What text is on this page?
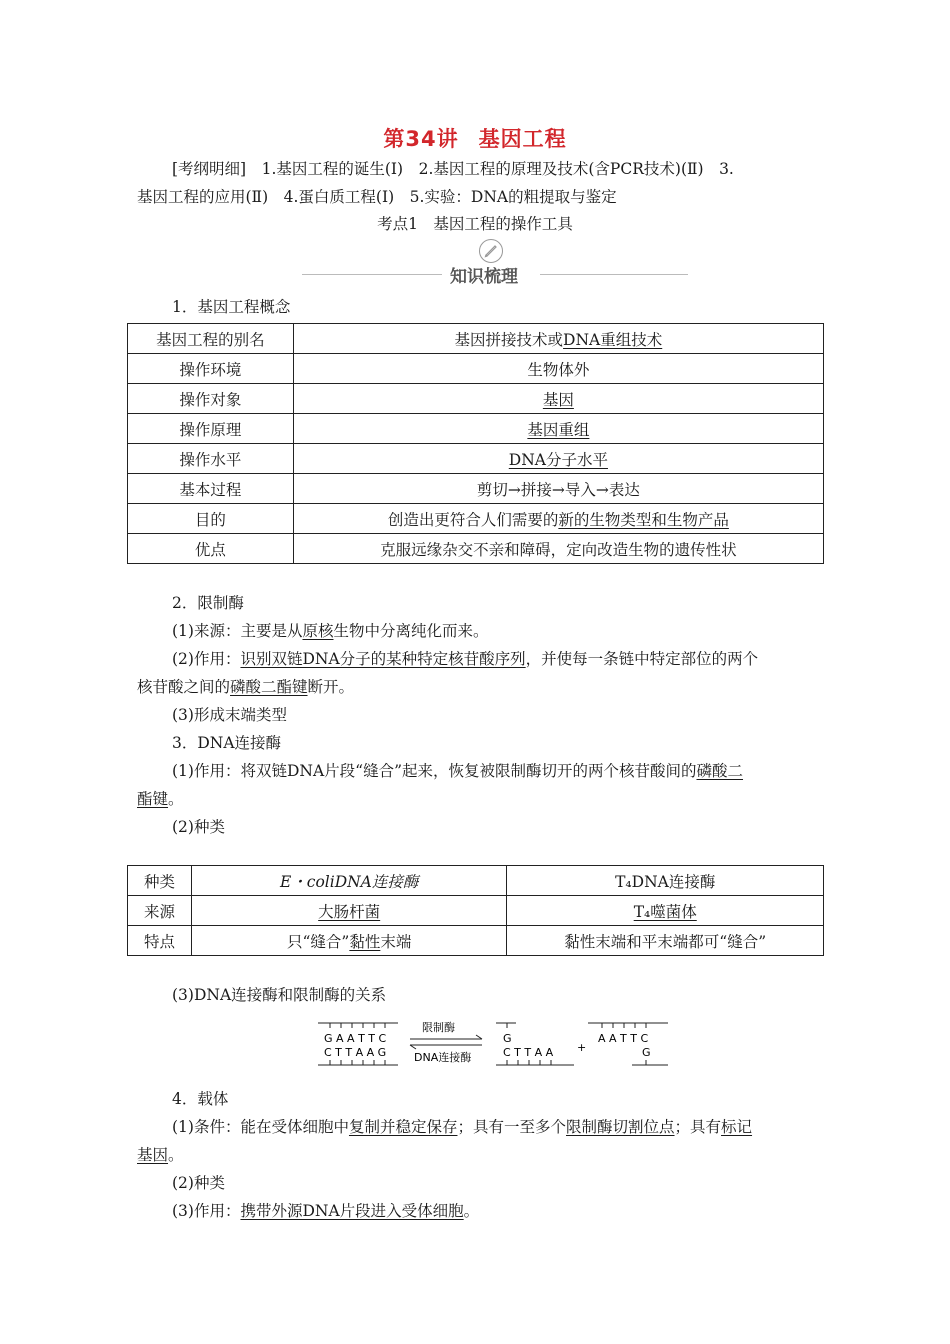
第34讲 基因工程
[考纲明细]　1.基因工程的诞生(Ⅰ)　2.基因工程的原理及技术(含PCR技术)(Ⅱ)　3.
基因工程的应用(Ⅱ)　4.蛋白质工程(Ⅰ)　5.实验：DNA的粗提取与鉴定
考点1　基因工程的操作工具
知识梳理
1．基因工程概念
基因工程的别名	基因拼接技术或DNA重组技术
操作环境	生物体外
操作对象	基因
操作原理	基因重组
操作水平	DNA分子水平
基本过程	剪切→拼接→导入→表达
目的	创造出更符合人们需要的新的生物类型和生物产品
优点	克服远缘杂交不亲和障碍，定向改造生物的遗传性状
2．限制酶
(1)来源：主要是从原核生物中分离纯化而来。
(2)作用：识别双链DNA分子的某种特定核苷酸序列，并使每一条链中特定部位的两个
核苷酸之间的磷酸二酯键断开。
(3)形成末端类型
3．DNA连接酶
(1)作用：将双链DNA片段“缝合”起来，恢复被限制酶切开的两个核苷酸间的磷酸二
酯键。
(2)种类
种类	E・coliDNA连接酶	T₄DNA连接酶
来源	大肠杆菌	T₄噬菌体
特点	只“缝合”黏性末端	黏性末端和平末端都可“缝合”
(3)DNA连接酶和限制酶的关系
G A A T T C
C T T A A G
限制酶
DNA连接酶
G
C T T A A +
A A T T C
G
4．载体
(1)条件：能在受体细胞中复制并稳定保存；具有一至多个限制酶切割位点；具有标记
基因。
(2)种类
(3)作用：携带外源DNA片段进入受体细胞。
